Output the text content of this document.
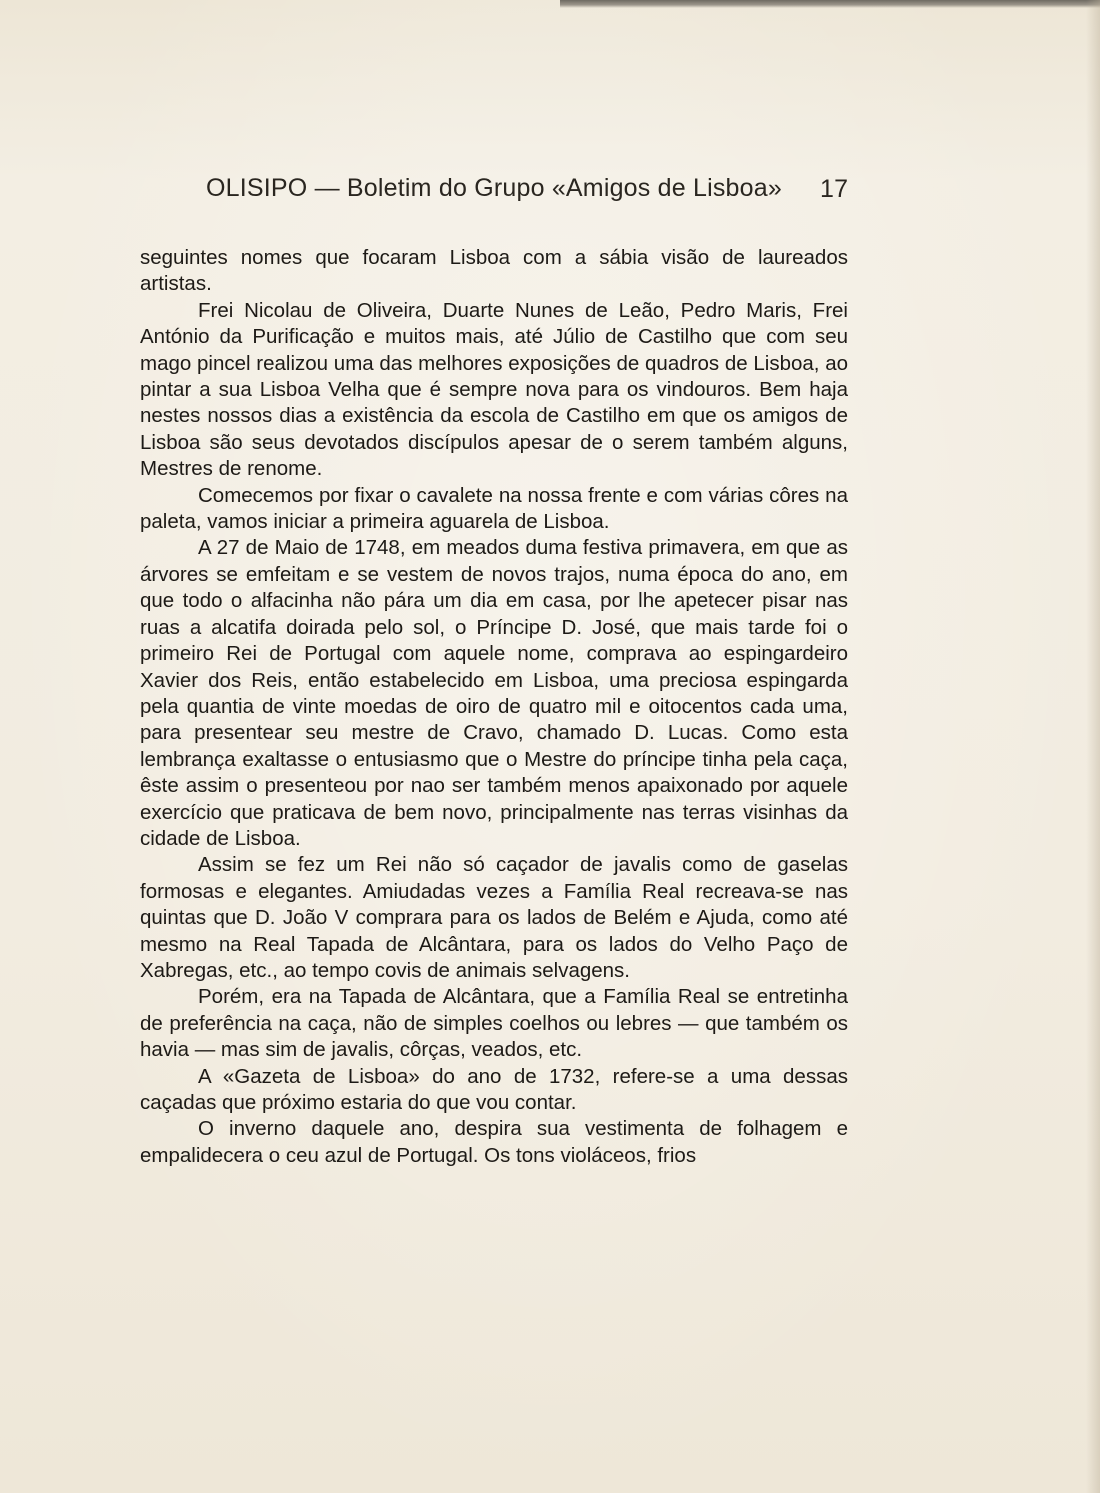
OLISIPO — Boletim do Grupo «Amigos de Lisboa» 17

seguintes nomes que focaram Lisboa com a sábia visão de laureados artistas.

Frei Nicolau de Oliveira, Duarte Nunes de Leão, Pedro Maris, Frei António da Purificação e muitos mais, até Júlio de Castilho que com seu mago pincel realizou uma das melhores exposições de quadros de Lisboa, ao pintar a sua Lisboa Velha que é sempre nova para os vindouros. Bem haja nestes nossos dias a existência da escola de Castilho em que os amigos de Lisboa são seus devotados discípulos apesar de o serem também alguns, Mestres de renome.

Comecemos por fixar o cavalete na nossa frente e com várias côres na paleta, vamos iniciar a primeira aguarela de Lisboa.

A 27 de Maio de 1748, em meados duma festiva primavera, em que as árvores se emfeitam e se vestem de novos trajos, numa época do ano, em que todo o alfacinha não pára um dia em casa, por lhe apetecer pisar nas ruas a alcatifa doirada pelo sol, o Príncipe D. José, que mais tarde foi o primeiro Rei de Portugal com aquele nome, comprava ao espingardeiro Xavier dos Reis, então estabelecido em Lisboa, uma preciosa espingarda pela quantia de vinte moedas de oiro de quatro mil e oitocentos cada uma, para presentear seu mestre de Cravo, chamado D. Lucas. Como esta lembrança exaltasse o entusiasmo que o Mestre do príncipe tinha pela caça, êste assim o presenteou por nao ser também menos apaixonado por aquele exercício que praticava de bem novo, principalmente nas terras visinhas da cidade de Lisboa.

Assim se fez um Rei não só caçador de javalis como de gaselas formosas e elegantes. Amiudadas vezes a Família Real recreava-se nas quintas que D. João V comprara para os lados de Belém e Ajuda, como até mesmo na Real Tapada de Alcântara, para os lados do Velho Paço de Xabregas, etc., ao tempo covis de animais selvagens.

Porém, era na Tapada de Alcântara, que a Família Real se entretinha de preferência na caça, não de simples coelhos ou lebres — que também os havia — mas sim de javalis, côrças, veados, etc.

A «Gazeta de Lisboa» do ano de 1732, refere-se a uma dessas caçadas que próximo estaria do que vou contar.

O inverno daquele ano, despira sua vestimenta de folhagem e empalidecera o ceu azul de Portugal. Os tons violáceos, frios
